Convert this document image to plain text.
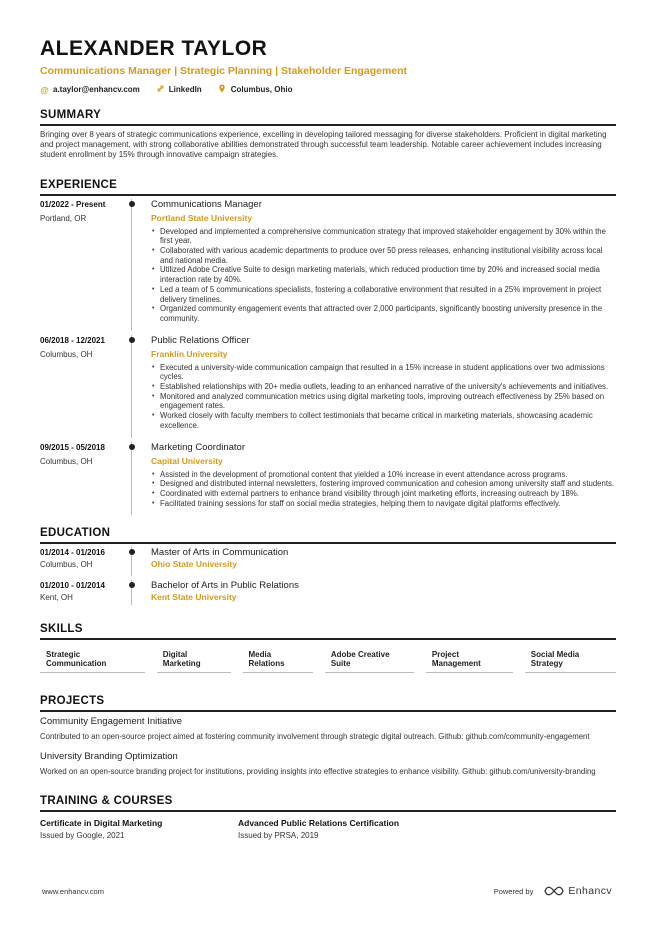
ALEXANDER TAYLOR
Communications Manager | Strategic Planning | Stakeholder Engagement
@ a.taylor@enhancv.com	LinkedIn	Columbus, Ohio
SUMMARY
Bringing over 8 years of strategic communications experience, excelling in developing tailored messaging for diverse stakeholders. Proficient in digital marketing and project management, with strong collaborative abilities demonstrated through successful team leadership. Notable career achievement includes increasing student enrollment by 15% through innovative campaign strategies.
EXPERIENCE
01/2022 - Present
Portland, OR
Communications Manager
Portland State University
• Developed and implemented a comprehensive communication strategy that improved stakeholder engagement by 30% within the first year.
• Collaborated with various academic departments to produce over 50 press releases, enhancing institutional visibility across local and national media.
• Utilized Adobe Creative Suite to design marketing materials, which reduced production time by 20% and increased social media interaction rate by 40%.
• Led a team of 5 communications specialists, fostering a collaborative environment that resulted in a 25% improvement in project delivery timelines.
• Organized community engagement events that attracted over 2,000 participants, significantly boosting university presence in the community.
06/2018 - 12/2021
Columbus, OH
Public Relations Officer
Franklin University
• Executed a university-wide communication campaign that resulted in a 15% increase in student applications over two admissions cycles.
• Established relationships with 20+ media outlets, leading to an enhanced narrative of the university's achievements and initiatives.
• Monitored and analyzed communication metrics using digital marketing tools, improving outreach effectiveness by 25% based on engagement rates.
• Worked closely with faculty members to collect testimonials that became critical in marketing materials, showcasing academic excellence.
09/2015 - 05/2018
Columbus, OH
Marketing Coordinator
Capital University
• Assisted in the development of promotional content that yielded a 10% increase in event attendance across programs.
• Designed and distributed internal newsletters, fostering improved communication and cohesion among university staff and students.
• Coordinated with external partners to enhance brand visibility through joint marketing efforts, increasing outreach by 18%.
• Facilitated training sessions for staff on social media strategies, helping them to navigate digital platforms effectively.
EDUCATION
01/2014 - 01/2016
Columbus, OH
Master of Arts in Communication
Ohio State University
01/2010 - 01/2014
Kent, OH
Bachelor of Arts in Public Relations
Kent State University
SKILLS
Strategic Communication
Digital Marketing
Media Relations
Adobe Creative Suite
Project Management
Social Media Strategy
PROJECTS
Community Engagement Initiative
Contributed to an open-source project aimed at fostering community involvement through strategic digital outreach. Github: github.com/community-engagement
University Branding Optimization
Worked on an open-source branding project for institutions, providing insights into effective strategies to enhance visibility. Github: github.com/university-branding
TRAINING & COURSES
Certificate in Digital Marketing
Issued by Google, 2021
Advanced Public Relations Certification
Issued by PRSA, 2019
www.enhancv.com	Powered by	Enhancv
